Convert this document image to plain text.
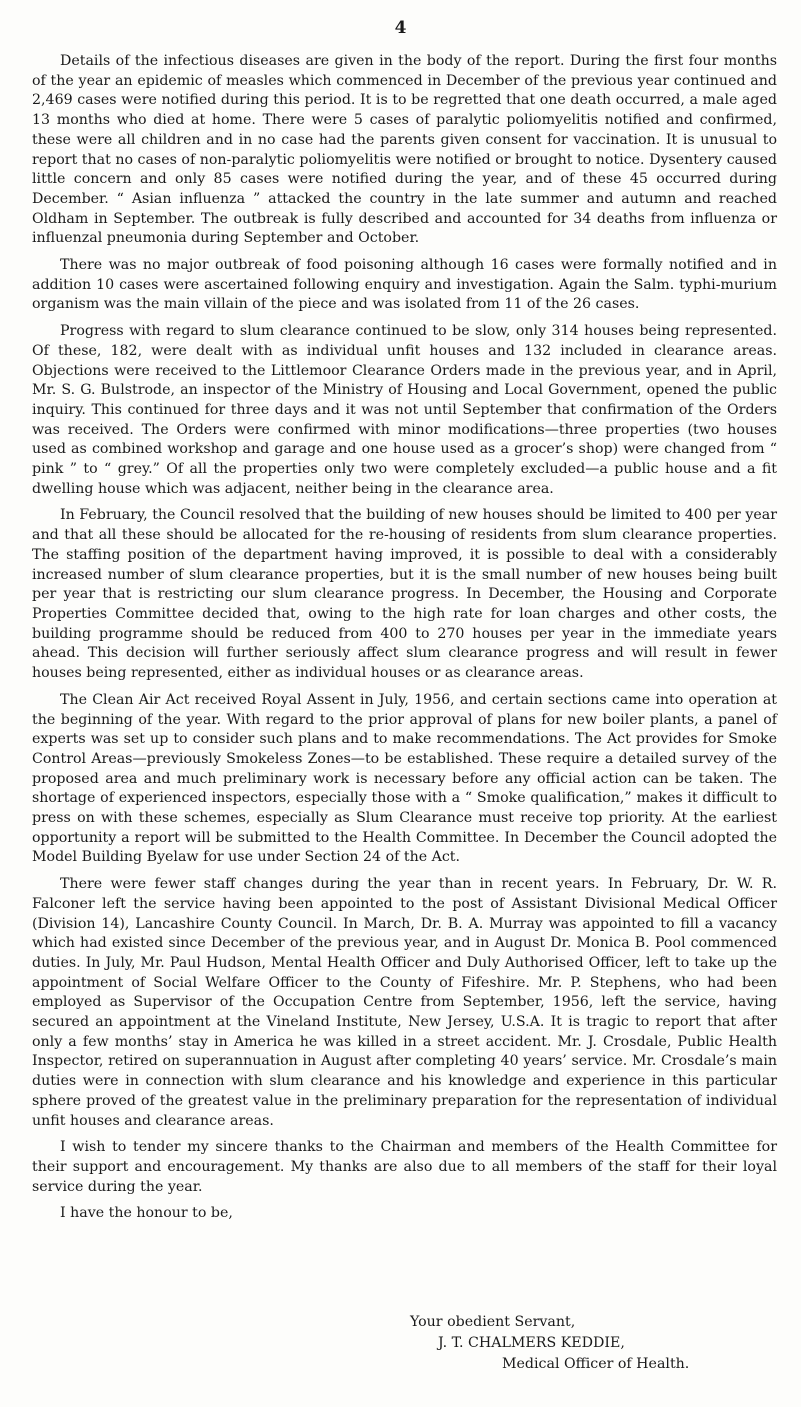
4

Details of the infectious diseases are given in the body of the report. During the first four months of the year an epidemic of measles which commenced in December of the previous year continued and 2,469 cases were notified during this period. It is to be regretted that one death occurred, a male aged 13 months who died at home. There were 5 cases of paralytic poliomyelitis notified and confirmed, these were all children and in no case had the parents given consent for vaccination. It is unusual to report that no cases of non-paralytic poliomyelitis were notified or brought to notice. Dysentery caused little concern and only 85 cases were notified during the year, and of these 45 occurred during December. “ Asian influenza ” attacked the country in the late summer and autumn and reached Oldham in September. The outbreak is fully described and accounted for 34 deaths from influenza or influenzal pneumonia during September and October.

There was no major outbreak of food poisoning although 16 cases were formally notified and in addition 10 cases were ascertained following enquiry and investigation. Again the Salm. typhi-murium organism was the main villain of the piece and was isolated from 11 of the 26 cases.

Progress with regard to slum clearance continued to be slow, only 314 houses being represented. Of these, 182, were dealt with as individual unfit houses and 132 included in clearance areas. Objections were received to the Littlemoor Clearance Orders made in the previous year, and in April, Mr. S. G. Bulstrode, an inspector of the Ministry of Housing and Local Government, opened the public inquiry. This continued for three days and it was not until September that confirmation of the Orders was received. The Orders were confirmed with minor modifications—three properties (two houses used as combined workshop and garage and one house used as a grocer’s shop) were changed from “ pink ” to “ grey.” Of all the properties only two were completely excluded—a public house and a fit dwelling house which was adjacent, neither being in the clearance area.

In February, the Council resolved that the building of new houses should be limited to 400 per year and that all these should be allocated for the re-housing of residents from slum clearance properties. The staffing position of the department having improved, it is possible to deal with a considerably increased number of slum clearance properties, but it is the small number of new houses being built per year that is restricting our slum clearance progress. In December, the Housing and Corporate Properties Committee decided that, owing to the high rate for loan charges and other costs, the building programme should be reduced from 400 to 270 houses per year in the immediate years ahead. This decision will further seriously affect slum clearance progress and will result in fewer houses being represented, either as individual houses or as clearance areas.

The Clean Air Act received Royal Assent in July, 1956, and certain sections came into operation at the beginning of the year. With regard to the prior approval of plans for new boiler plants, a panel of experts was set up to consider such plans and to make recommendations. The Act provides for Smoke Control Areas—previously Smokeless Zones—to be established. These require a detailed survey of the proposed area and much preliminary work is necessary before any official action can be taken. The shortage of experienced inspectors, especially those with a “ Smoke qualification,” makes it difficult to press on with these schemes, especially as Slum Clearance must receive top priority. At the earliest opportunity a report will be submitted to the Health Committee. In December the Council adopted the Model Building Byelaw for use under Section 24 of the Act.

There were fewer staff changes during the year than in recent years. In February, Dr. W. R. Falconer left the service having been appointed to the post of Assistant Divisional Medical Officer (Division 14), Lancashire County Council. In March, Dr. B. A. Murray was appointed to fill a vacancy which had existed since December of the previous year, and in August Dr. Monica B. Pool commenced duties. In July, Mr. Paul Hudson, Mental Health Officer and Duly Authorised Officer, left to take up the appointment of Social Welfare Officer to the County of Fifeshire. Mr. P. Stephens, who had been employed as Supervisor of the Occupation Centre from September, 1956, left the service, having secured an appointment at the Vineland Institute, New Jersey, U.S.A. It is tragic to report that after only a few months’ stay in America he was killed in a street accident. Mr. J. Crosdale, Public Health Inspector, retired on superannuation in August after completing 40 years’ service. Mr. Crosdale’s main duties were in connection with slum clearance and his knowledge and experience in this particular sphere proved of the greatest value in the preliminary preparation for the representation of individual unfit houses and clearance areas.

I wish to tender my sincere thanks to the Chairman and members of the Health Committee for their support and encouragement. My thanks are also due to all members of the staff for their loyal service during the year.

I have the honour to be,
Your obedient Servant,
J. T. CHALMERS KEDDIE,
Medical Officer of Health.
